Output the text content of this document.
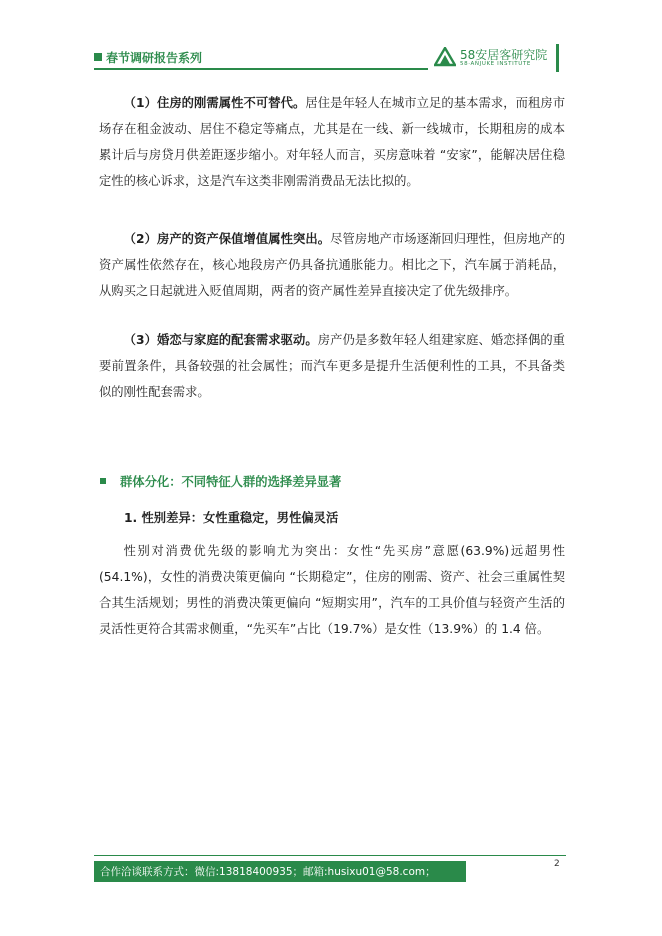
春节调研报告系列	58安居客研究院
58·ANJUKE INSTITUTE
（1）住房的刚需属性不可替代。居住是年轻人在城市立足的基本需求，而租房市场存在租金波动、居住不稳定等痛点，尤其是在一线、新一线城市，长期租房的成本累计后与房贷月供差距逐步缩小。对年轻人而言，买房意味着 “安家”，能解决居住稳定性的核心诉求，这是汽车这类非刚需消费品无法比拟的。
（2）房产的资产保值增值属性突出。尽管房地产市场逐渐回归理性，但房地产的资产属性依然存在，核心地段房产仍具备抗通胀能力。相比之下，汽车属于消耗品，从购买之日起就进入贬值周期，两者的资产属性差异直接决定了优先级排序。
（3）婚恋与家庭的配套需求驱动。房产仍是多数年轻人组建家庭、婚恋择偶的重要前置条件，具备较强的社会属性；而汽车更多是提升生活便利性的工具，不具备类似的刚性配套需求。
群体分化：不同特征人群的选择差异显著
1. 性别差异：女性重稳定，男性偏灵活
性别对消费优先级的影响尤为突出：女性“先买房”意愿(63.9%)远超男性(54.1%)，女性的消费决策更偏向 “长期稳定”，住房的刚需、资产、社会三重属性契合其生活规划；男性的消费决策更偏向 “短期实用”，汽车的工具价值与轻资产生活的灵活性更符合其需求侧重，“先买车”占比（19.7%）是女性（13.9%）的 1.4 倍。
合作洽谈联系方式：微信:13818400935；邮箱:husixu01@58.com；
2
